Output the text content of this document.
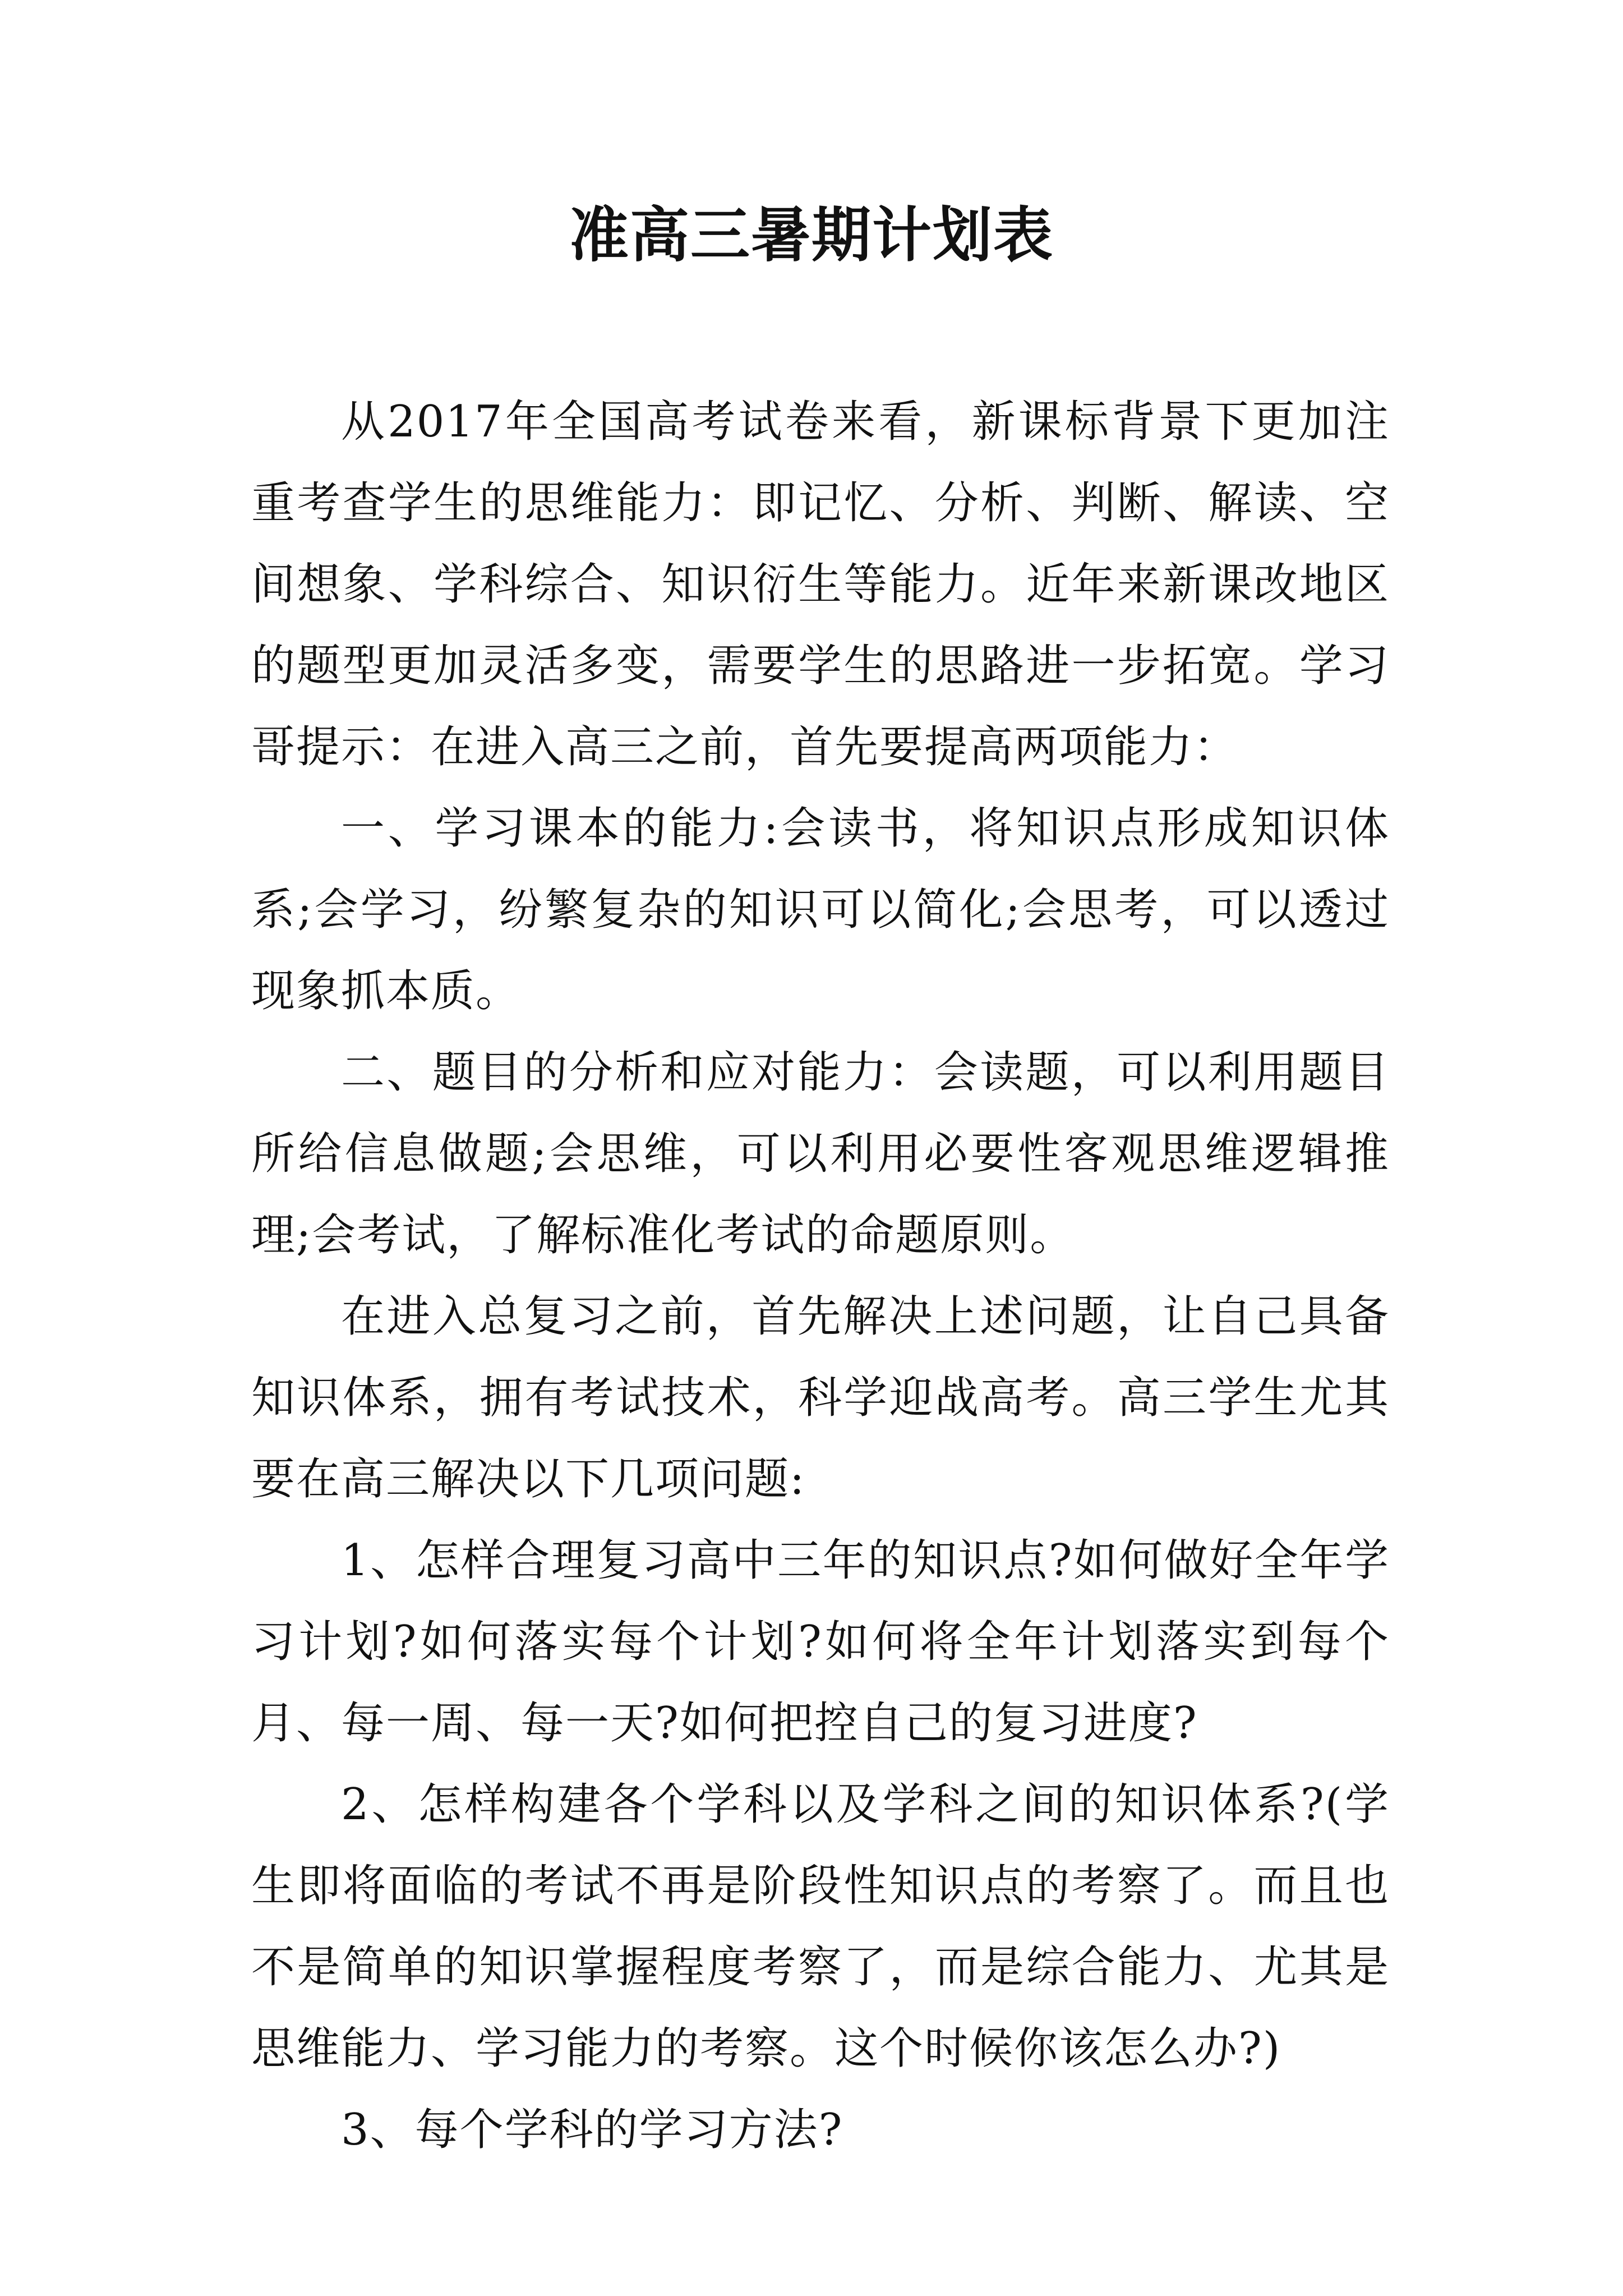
准高三暑期计划表

从2017年全国高考试卷来看，新课标背景下更加注重考查学生的思维能力：即记忆、分析、判断、解读、空间想象、学科综合、知识衍生等能力。近年来新课改地区的题型更加灵活多变，需要学生的思路进一步拓宽。学习哥提示：在进入高三之前，首先要提高两项能力：

一、学习课本的能力:会读书，将知识点形成知识体系;会学习，纷繁复杂的知识可以简化;会思考，可以透过现象抓本质。

二、题目的分析和应对能力：会读题，可以利用题目所给信息做题;会思维，可以利用必要性客观思维逻辑推理;会考试，了解标准化考试的命题原则。

在进入总复习之前，首先解决上述问题，让自己具备知识体系，拥有考试技术，科学迎战高考。高三学生尤其要在高三解决以下几项问题:

1、怎样合理复习高中三年的知识点?如何做好全年学习计划?如何落实每个计划?如何将全年计划落实到每个月、每一周、每一天?如何把控自己的复习进度?

2、怎样构建各个学科以及学科之间的知识体系?(学生即将面临的考试不再是阶段性知识点的考察了。而且也不是简单的知识掌握程度考察了，而是综合能力、尤其是思维能力、学习能力的考察。这个时候你该怎么办?)

3、每个学科的学习方法?
